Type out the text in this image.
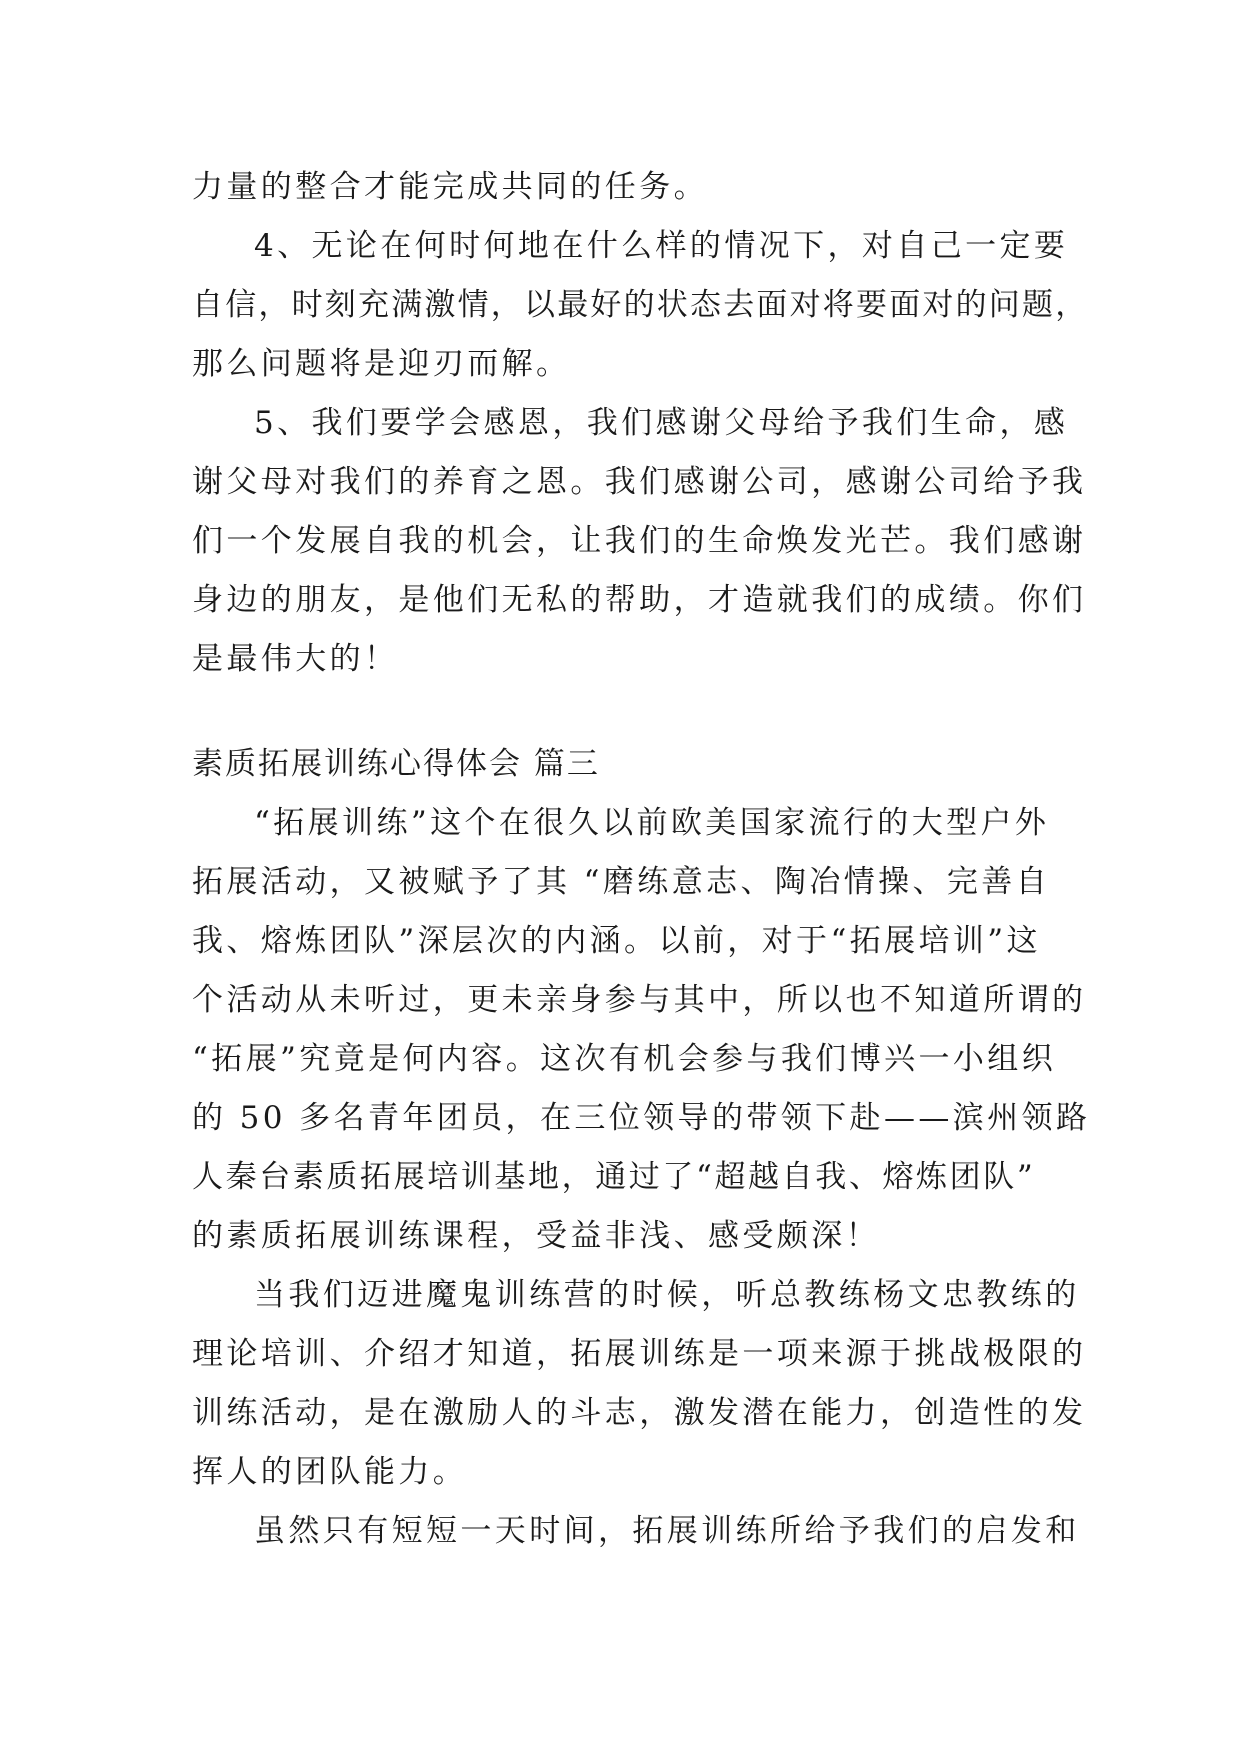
力量的整合才能完成共同的任务。
4、无论在何时何地在什么样的情况下，对自己一定要
自信，时刻充满激情，以最好的状态去面对将要面对的问题，
那么问题将是迎刃而解。
5、我们要学会感恩，我们感谢父母给予我们生命，感
谢父母对我们的养育之恩。我们感谢公司，感谢公司给予我
们一个发展自我的机会，让我们的生命焕发光芒。我们感谢
身边的朋友，是他们无私的帮助，才造就我们的成绩。你们
是最伟大的！
素质拓展训练心得体会 篇三
“拓展训练”这个在很久以前欧美国家流行的大型户外
拓展活动，又被赋予了其 “磨练意志、陶冶情操、完善自
我、熔炼团队”深层次的内涵。以前，对于“拓展培训”这
个活动从未听过，更未亲身参与其中，所以也不知道所谓的
“拓展”究竟是何内容。这次有机会参与我们博兴一小组织
的 50 多名青年团员，在三位领导的带领下赴——滨州领路
人秦台素质拓展培训基地，通过了“超越自我、熔炼团队”
的素质拓展训练课程，受益非浅、感受颇深！
当我们迈进魔鬼训练营的时候，听总教练杨文忠教练的
理论培训、介绍才知道，拓展训练是一项来源于挑战极限的
训练活动，是在激励人的斗志，激发潜在能力，创造性的发
挥人的团队能力。
虽然只有短短一天时间，拓展训练所给予我们的启发和
